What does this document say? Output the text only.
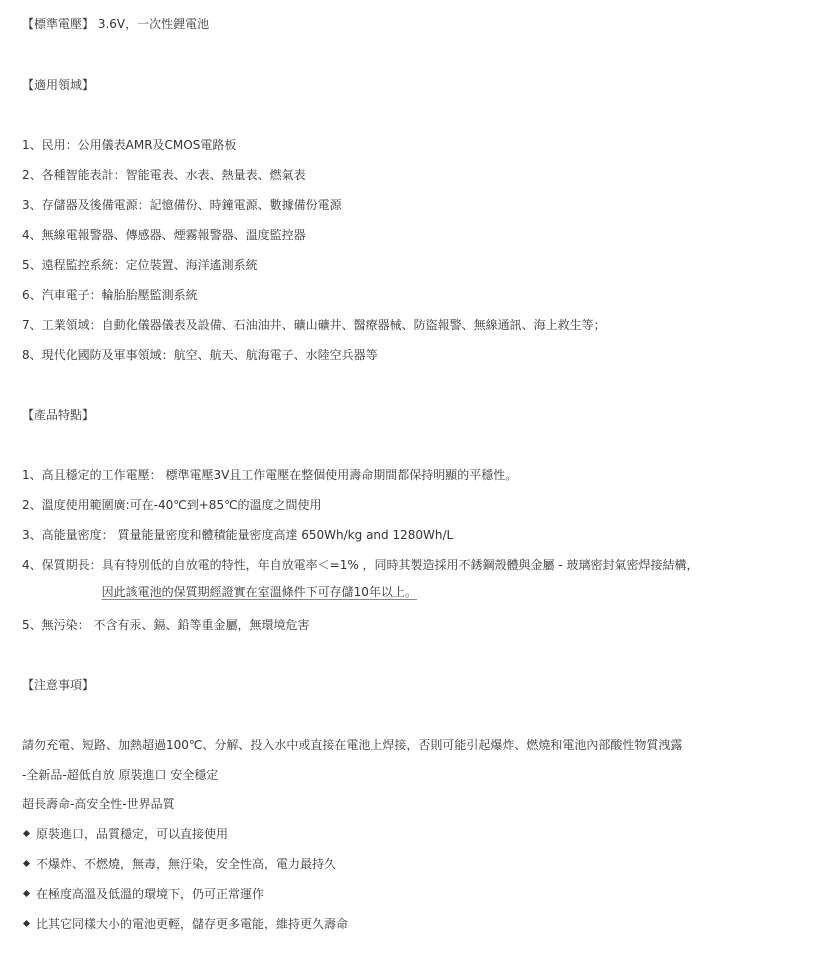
【標準電壓】 3.6V，一次性鋰電池
【適用領域】
1、民用：公用儀表AMR及CMOS電路板
2、各種智能表計：智能電表、水表、熱量表、燃氣表
3、存儲器及後備電源：記憶備份、時鐘電源、數據備份電源
4、無線電報警器、傳感器、煙霧報警器、溫度監控器
5、遠程監控系統：定位裝置、海洋遙測系統
6、汽車電子：輪胎胎壓監測系統
7、工業領域：自動化儀器儀表及設備、石油油井、礦山礦井、醫療器械、防盜報警、無線通訊、海上救生等；
8、現代化國防及軍事領域：航空、航天、航海電子、水陸空兵器等
【產品特點】
1、高且穩定的工作電壓： 標準電壓3V且工作電壓在整個使用壽命期間都保持明顯的平穩性。
2、溫度使用範圍廣:可在-40℃到+85℃的溫度之間使用
3、高能量密度： 質量能量密度和體積能量密度高達 650Wh/kg and 1280Wh/L
4、保質期長： 具有特別低的自放電的特性，年自放電率＜=1% ，同時其製造採用不銹鋼殼體與金屬 - 玻璃密封氣密焊接結構，
因此該電池的保質期經證實在室溫條件下可存儲10年以上。
5、無污染： 不含有汞、鎘、鉛等重金屬，無環境危害
【注意事項】
請勿充電、短路、加熱超過100℃、分解、投入水中或直接在電池上焊接，否則可能引起爆炸、燃燒和電池內部酸性物質洩露
-全新品-超低自放 原裝進口 安全穩定
超長壽命-高安全性-世界品質
原裝進口，品質穩定，可以直接使用
不爆炸、不燃燒，無毒，無汙染，安全性高，電力最持久
在極度高溫及低溫的環境下，仍可正常運作
比其它同樣大小的電池更輕，儲存更多電能，維持更久壽命
